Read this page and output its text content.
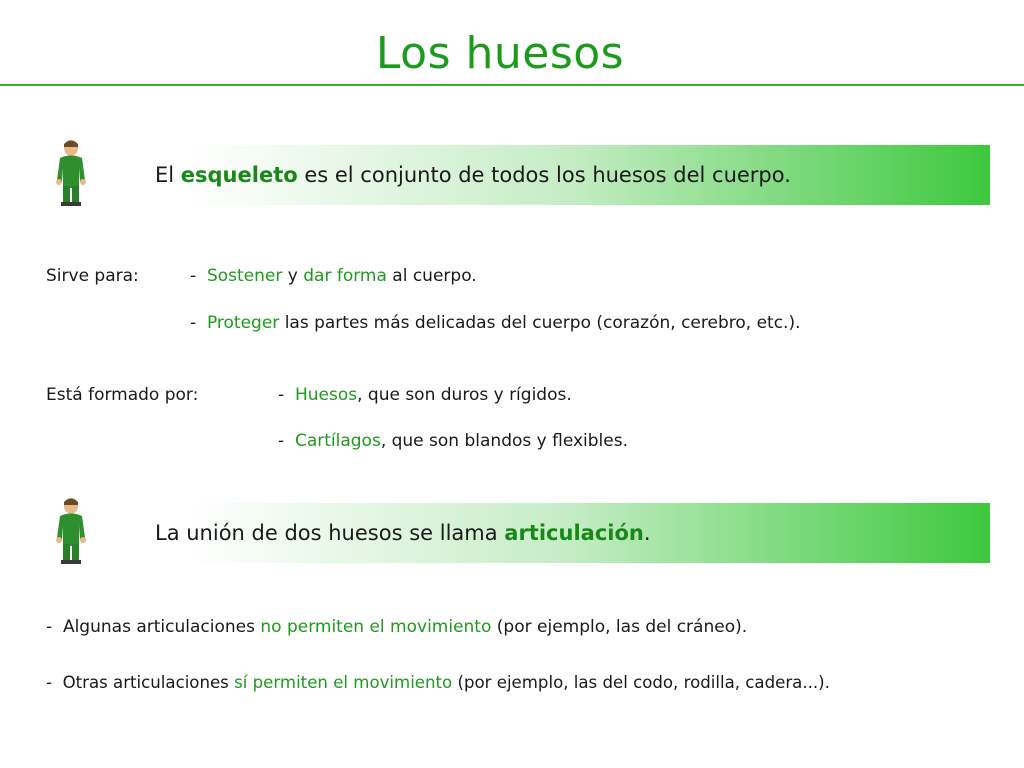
Los huesos
El esqueleto es el conjunto de todos los huesos del cuerpo.
Sirve para:	- Sostener y dar forma al cuerpo.
- Proteger las partes más delicadas del cuerpo (corazón, cerebro, etc.).
Está formado por:	- Huesos, que son duros y rígidos.
- Cartílagos, que son blandos y flexibles.
La unión de dos huesos se llama articulación.
- Algunas articulaciones no permiten el movimiento (por ejemplo, las del cráneo).
- Otras articulaciones sí permiten el movimiento (por ejemplo, las del codo, rodilla, cadera...).
